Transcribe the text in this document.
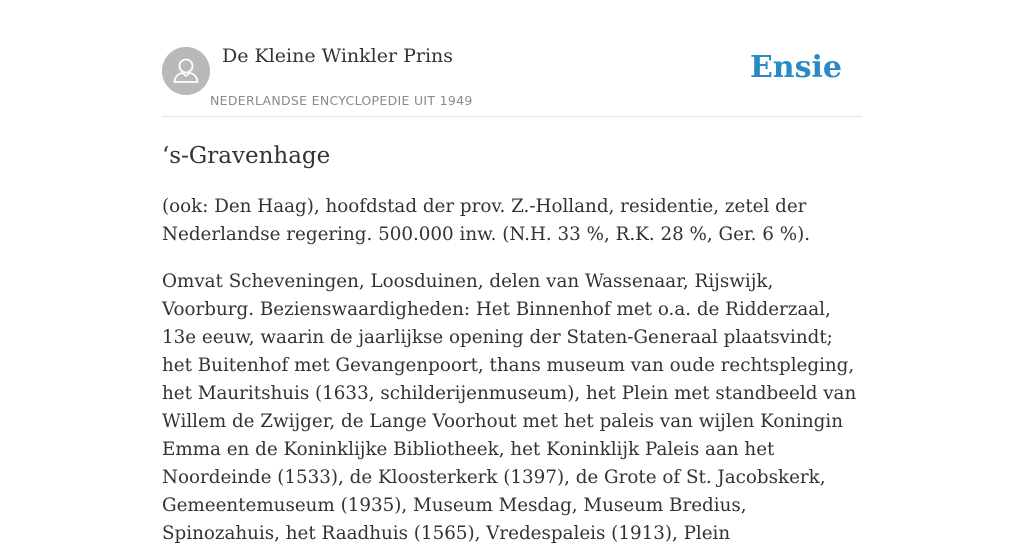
De Kleine Winkler Prins
NEDERLANDSE ENCYCLOPEDIE UIT 1949
Ensie
‘s-Gravenhage

(ook: Den Haag), hoofdstad der prov. Z.-Holland, residentie, zetel der Nederlandse regering. 500.000 inw. (N.H. 33 %, R.K. 28 %, Ger. 6 %).

Omvat Scheveningen, Loosduinen, delen van Wassenaar, Rijswijk, Voorburg. Bezienswaardigheden: Het Binnenhof met o.a. de Ridderzaal, 13e eeuw, waarin de jaarlijkse opening der Staten-Generaal plaatsvindt; het Buitenhof met Gevangenpoort, thans museum van oude rechtspleging, het Mauritshuis (1633, schilderijenmuseum), het Plein met standbeeld van Willem de Zwijger, de Lange Voorhout met het paleis van wijlen Koningin Emma en de Koninklijke Bibliotheek, het Koninklijk Paleis aan het Noordeinde (1533), de Kloosterkerk (1397), de Grote of St. Jacobskerk, Gemeentemuseum (1935), Museum Mesdag, Museum Bredius, Spinozahuis, het Raadhuis (1565), Vredespaleis (1913), Plein
